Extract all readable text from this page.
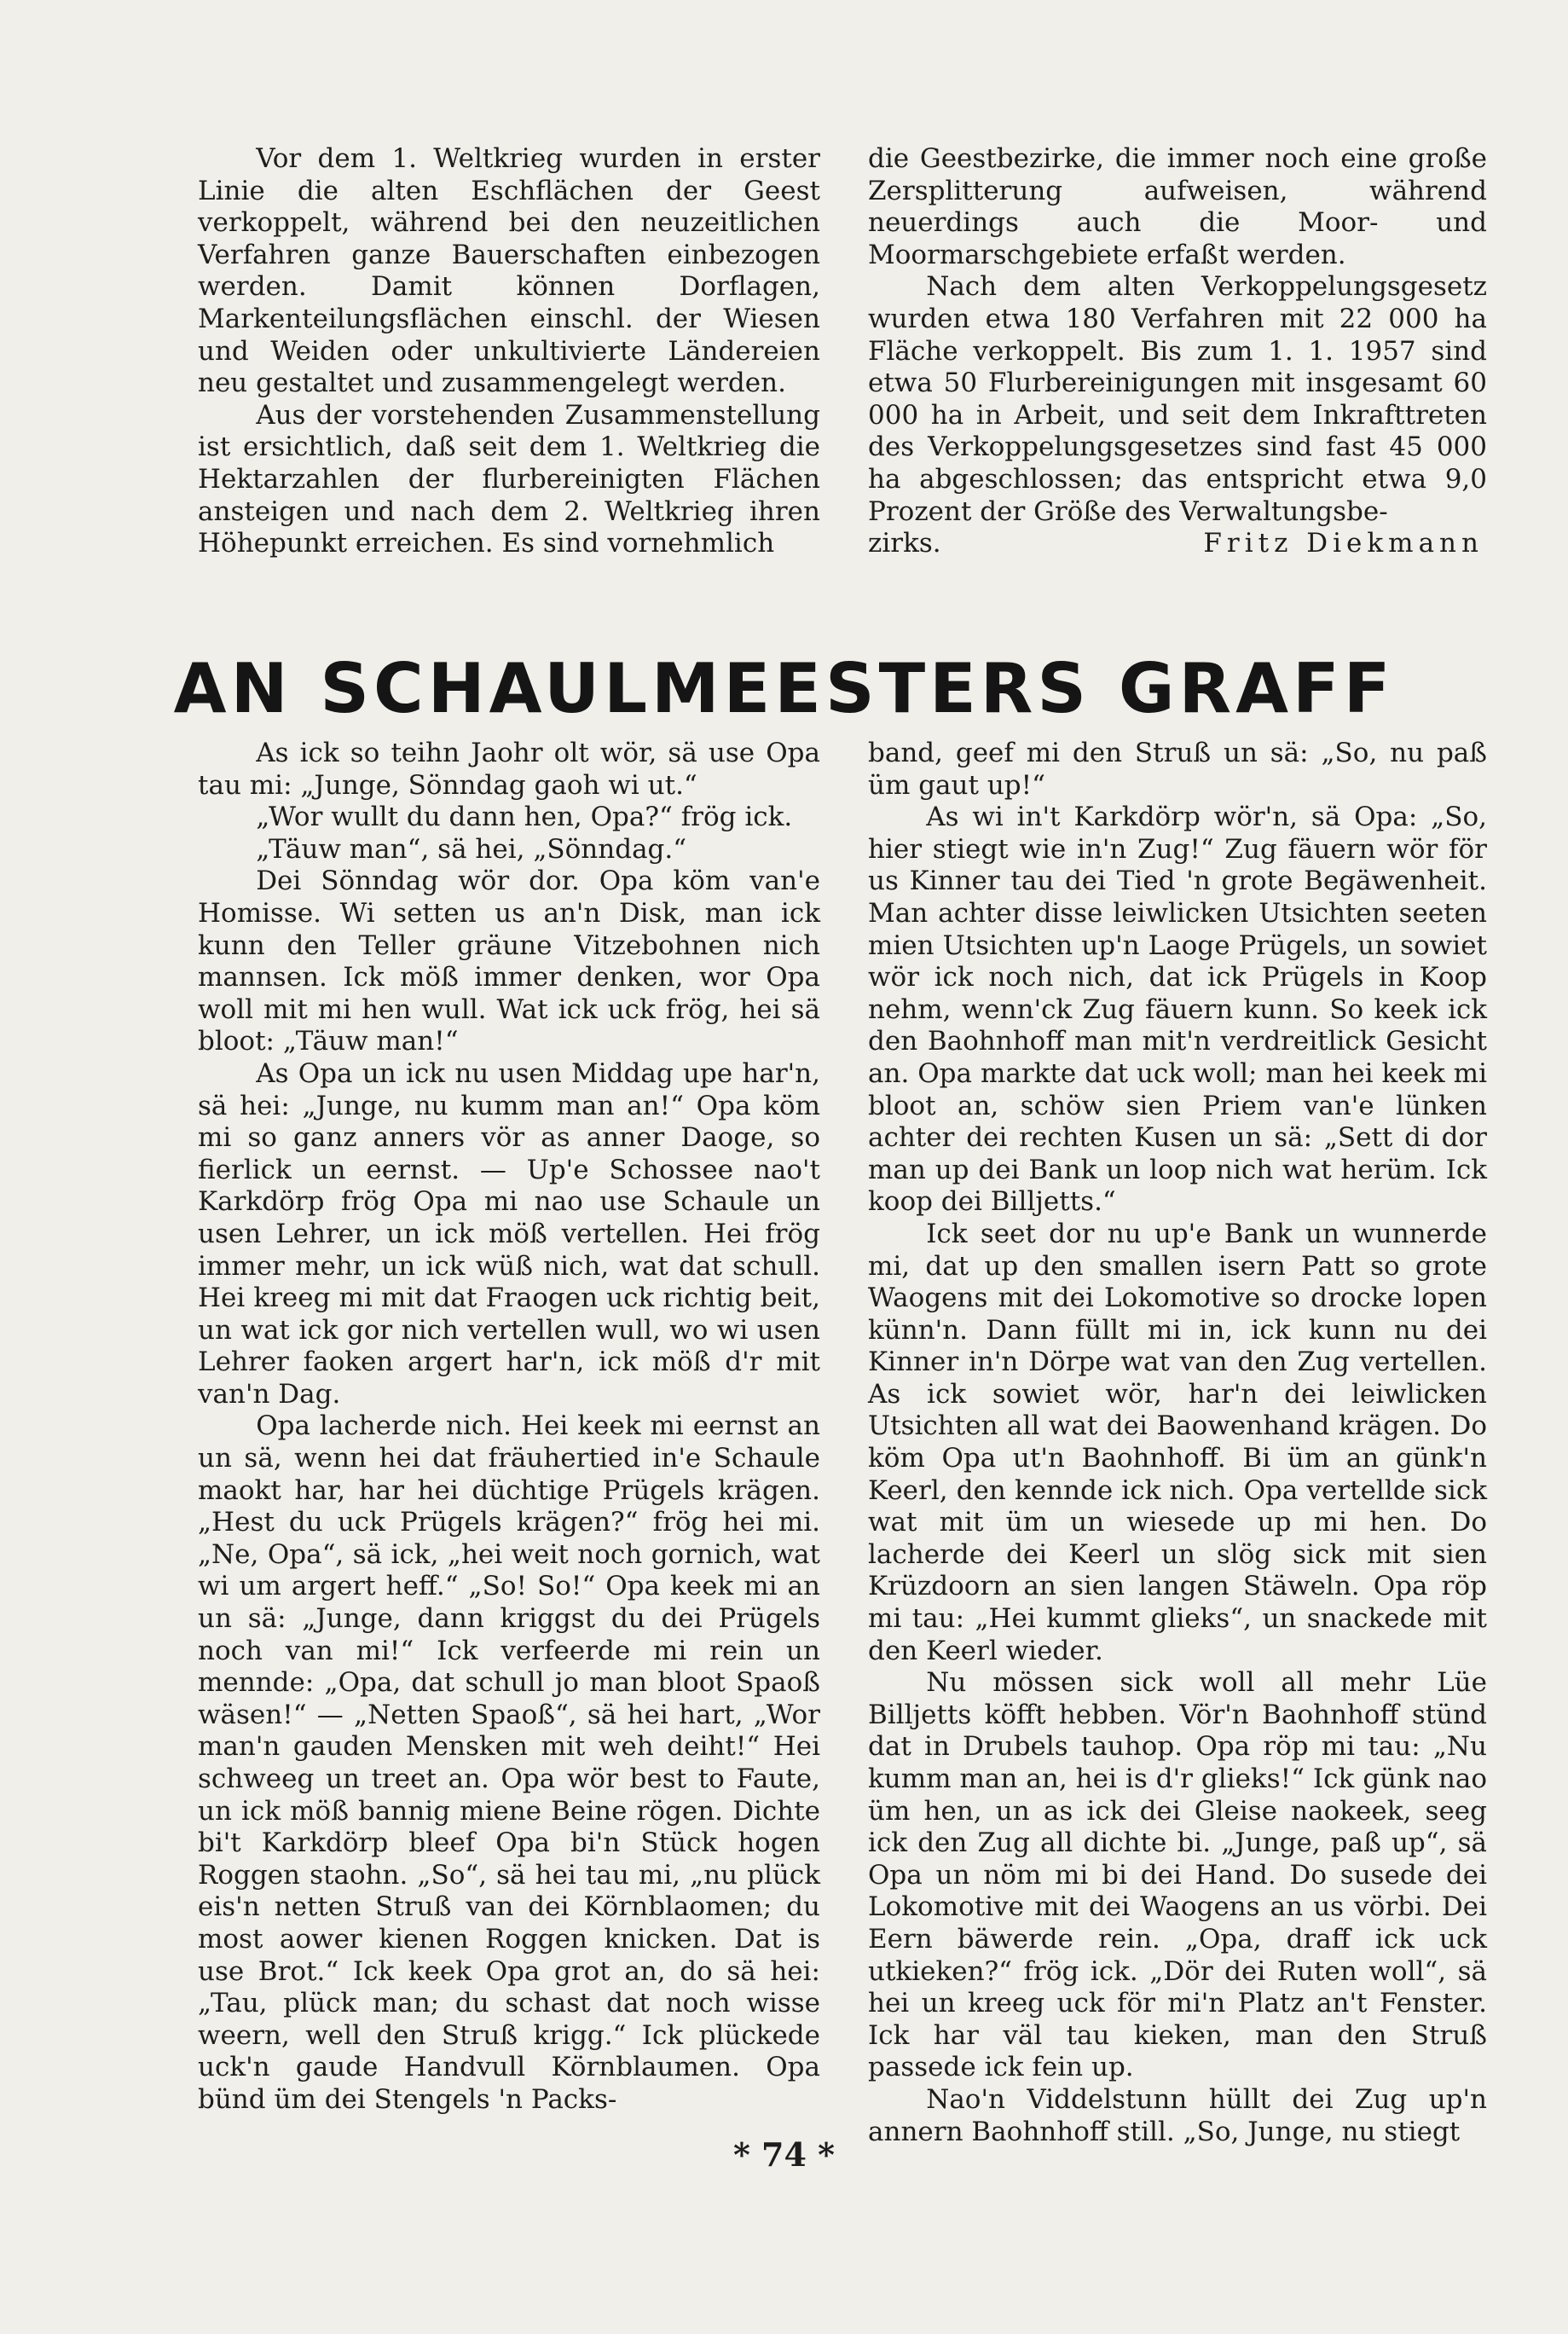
Vor dem 1. Weltkrieg wurden in erster Linie die alten Eschflächen der Geest verkoppelt, während bei den neuzeitlichen Verfahren ganze Bauerschaften einbezogen werden. Damit können Dorflagen, Markenteilungsflächen einschl. der Wiesen und Weiden oder unkultivierte Ländereien neu gestaltet und zusammengelegt werden.

Aus der vorstehenden Zusammenstellung ist ersichtlich, daß seit dem 1. Weltkrieg die Hektarzahlen der flurbereinigten Flächen ansteigen und nach dem 2. Weltkrieg ihren Höhepunkt erreichen. Es sind vornehmlich

die Geestbezirke, die immer noch eine große Zersplitterung aufweisen, während neuerdings auch die Moor- und Moormarschgebiete erfaßt werden.

Nach dem alten Verkoppelungsgesetz wurden etwa 180 Verfahren mit 22 000 ha Fläche verkoppelt. Bis zum 1. 1. 1957 sind etwa 50 Flurbereinigungen mit insgesamt 60 000 ha in Arbeit, und seit dem Inkrafttreten des Verkoppelungsgesetzes sind fast 45 000 ha abgeschlossen; das entspricht etwa 9,0 Prozent der Größe des Verwaltungsbe-

zirks.	Fritz Diekmann
AN SCHAULMEESTERS GRAFF

As ick so teihn Jaohr olt wör, sä use Opa tau mi: „Junge, Sönndag gaoh wi ut.“

„Wor wullt du dann hen, Opa?“ frög ick.

„Täuw man“, sä hei, „Sönndag.“

Dei Sönndag wör dor. Opa köm van'e Homisse. Wi setten us an'n Disk, man ick kunn den Teller gräune Vitzebohnen nich mannsen. Ick möß immer denken, wor Opa woll mit mi hen wull. Wat ick uck frög, hei sä bloot: „Täuw man!“

As Opa un ick nu usen Middag upe har'n, sä hei: „Junge, nu kumm man an!“ Opa köm mi so ganz anners vör as anner Daoge, so fierlick un eernst. — Up'e Schossee nao't Karkdörp frög Opa mi nao use Schaule un usen Lehrer, un ick möß vertellen. Hei frög immer mehr, un ick wüß nich, wat dat schull. Hei kreeg mi mit dat Fraogen uck richtig beit, un wat ick gor nich vertellen wull, wo wi usen Lehrer faoken argert har'n, ick möß d'r mit van'n Dag.

Opa lacherde nich. Hei keek mi eernst an un sä, wenn hei dat fräuhertied in'e Schaule maokt har, har hei düchtige Prügels krägen. „Hest du uck Prügels krägen?“ frög hei mi. „Ne, Opa“, sä ick, „hei weit noch gornich, wat wi um argert heff.“ „So! So!“ Opa keek mi an un sä: „Junge, dann kriggst du dei Prügels noch van mi!“ Ick verfeerde mi rein un mennde: „Opa, dat schull jo man bloot Spaoß wäsen!“ — „Netten Spaoß“, sä hei hart, „Wor man'n gauden Mensken mit weh deiht!“ Hei schweeg un treet an. Opa wör best to Faute, un ick möß bannig miene Beine rögen. Dichte bi't Karkdörp bleef Opa bi'n Stück hogen Roggen staohn. „So“, sä hei tau mi, „nu plück eis'n netten Struß van dei Körnblaomen; du most aower kienen Roggen knicken. Dat is use Brot.“ Ick keek Opa grot an, do sä hei: „Tau, plück man; du schast dat noch wisse weern, well den Struß krigg.“ Ick plückede uck'n gaude Handvull Körnblaumen. Opa bünd üm dei Stengels 'n Packs-

band, geef mi den Struß un sä: „So, nu paß üm gaut up!“

As wi in't Karkdörp wör'n, sä Opa: „So, hier stiegt wie in'n Zug!“ Zug fäuern wör för us Kinner tau dei Tied 'n grote Begäwenheit. Man achter disse leiwlicken Utsichten seeten mien Utsichten up'n Laoge Prügels, un sowiet wör ick noch nich, dat ick Prügels in Koop nehm, wenn'ck Zug fäuern kunn. So keek ick den Baohnhoff man mit'n verdreitlick Gesicht an. Opa markte dat uck woll; man hei keek mi bloot an, schöw sien Priem van'e lünken achter dei rechten Kusen un sä: „Sett di dor man up dei Bank un loop nich wat herüm. Ick koop dei Billjetts.“

Ick seet dor nu up'e Bank un wunnerde mi, dat up den smallen isern Patt so grote Waogens mit dei Lokomotive so drocke lopen künn'n. Dann füllt mi in, ick kunn nu dei Kinner in'n Dörpe wat van den Zug vertellen. As ick sowiet wör, har'n dei leiwlicken Utsichten all wat dei Baowenhand krägen. Do köm Opa ut'n Baohnhoff. Bi üm an günk'n Keerl, den kennde ick nich. Opa vertellde sick wat mit üm un wiesede up mi hen. Do lacherde dei Keerl un slög sick mit sien Krüzdoorn an sien langen Stäweln. Opa röp mi tau: „Hei kummt glieks“, un snackede mit den Keerl wieder.

Nu mössen sick woll all mehr Lüe Billjetts köfft hebben. Vör'n Baohnhoff stünd dat in Drubels tauhop. Opa röp mi tau: „Nu kumm man an, hei is d'r glieks!“ Ick günk nao üm hen, un as ick dei Gleise naokeek, seeg ick den Zug all dichte bi. „Junge, paß up“, sä Opa un nöm mi bi dei Hand. Do susede dei Lokomotive mit dei Waogens an us vörbi. Dei Eern bäwerde rein. „Opa, draff ick uck utkieken?“ frög ick. „Dör dei Ruten woll“, sä hei un kreeg uck för mi'n Platz an't Fenster. Ick har väl tau kieken, man den Struß passede ick fein up.

Nao'n Viddelstunn hüllt dei Zug up'n annern Baohnhoff still. „So, Junge, nu stiegt

* 74 *
